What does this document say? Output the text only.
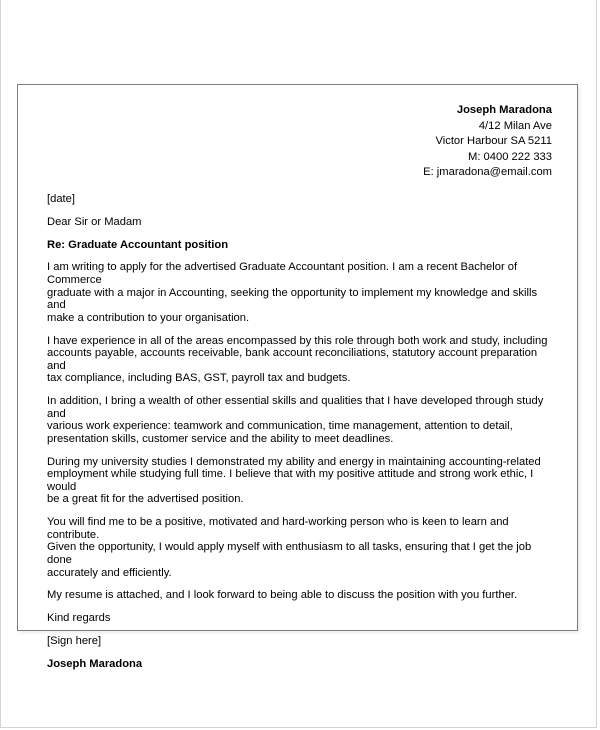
Joseph Maradona
4/12 Milan Ave
Victor Harbour SA 5211
M: 0400 222 333
E: jmaradona@email.com

[date]

Dear Sir or Madam

Re: Graduate Accountant position

I am writing to apply for the advertised Graduate Accountant position. I am a recent Bachelor of Commerce
graduate with a major in Accounting, seeking the opportunity to implement my knowledge and skills and
make a contribution to your organisation.

I have experience in all of the areas encompassed by this role through both work and study, including
accounts payable, accounts receivable, bank account reconciliations, statutory account preparation and
tax compliance, including BAS, GST, payroll tax and budgets.

In addition, I bring a wealth of other essential skills and qualities that I have developed through study and
various work experience: teamwork and communication, time management, attention to detail,
presentation skills, customer service and the ability to meet deadlines.

During my university studies I demonstrated my ability and energy in maintaining accounting-related
employment while studying full time. I believe that with my positive attitude and strong work ethic, I would
be a great fit for the advertised position.

You will find me to be a positive, motivated and hard-working person who is keen to learn and contribute.
Given the opportunity, I would apply myself with enthusiasm to all tasks, ensuring that I get the job done
accurately and efficiently.

My resume is attached, and I look forward to being able to discuss the position with you further.

Kind regards

[Sign here]

Joseph Maradona
